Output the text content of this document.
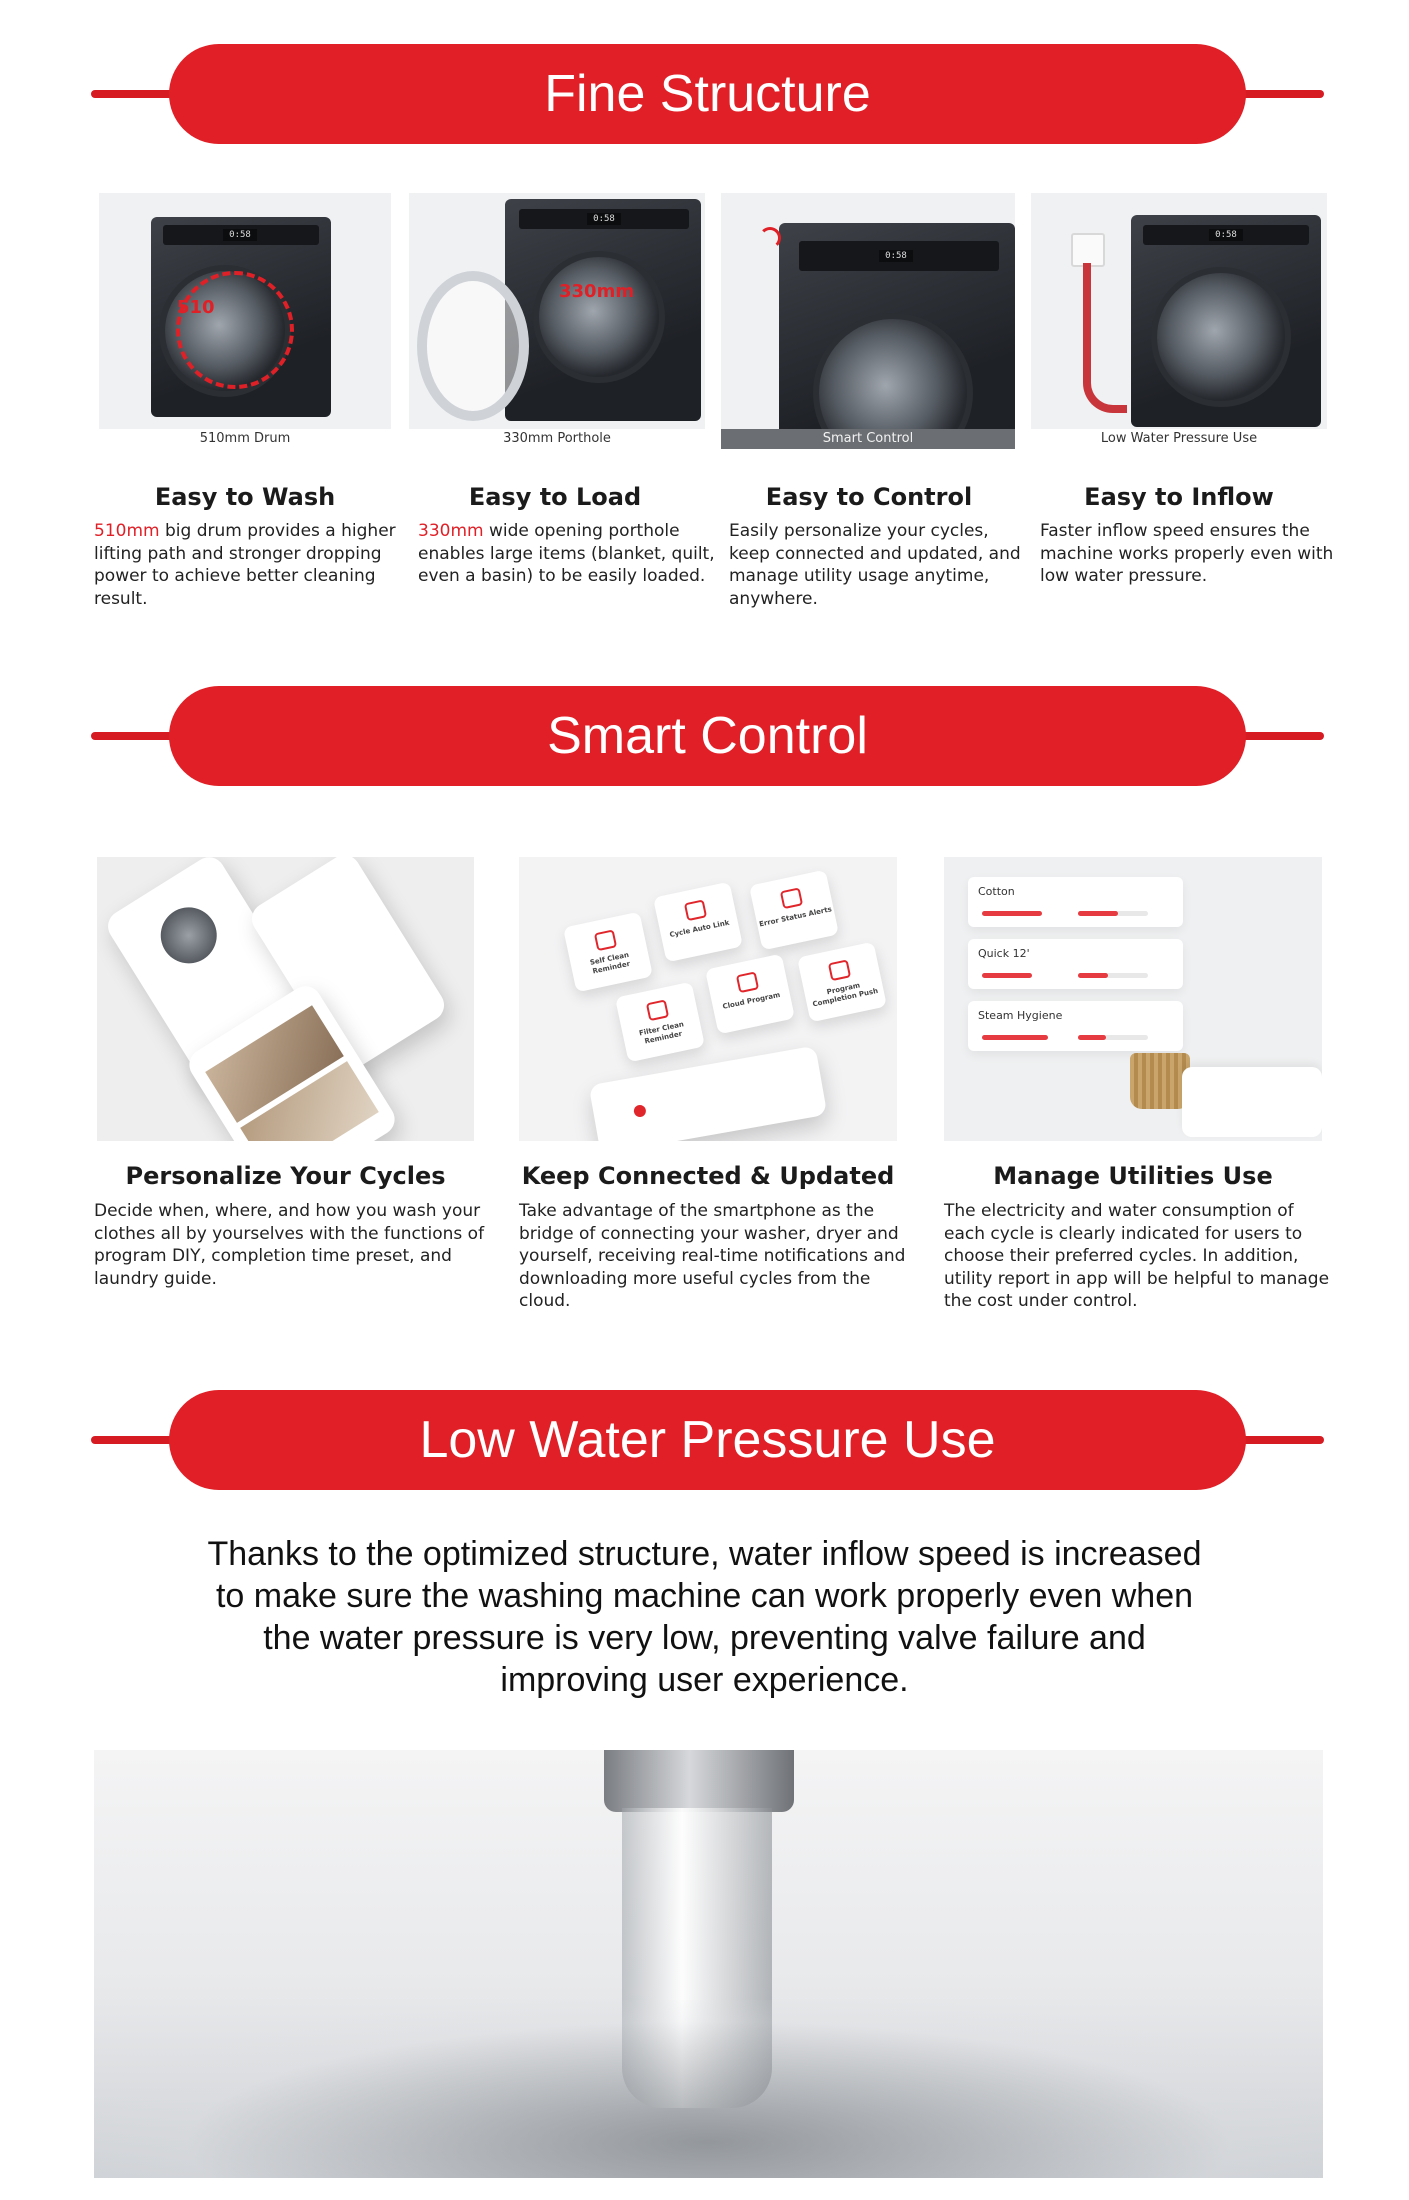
Fine Structure
0:58
510
510mm Drum
0:58
330mm
330mm Porthole
0:58
Smart Control
0:58
Low Water Pressure Use
Easy to Wash
510mm big drum provides a higher lifting path and stronger dropping power to achieve better cleaning result.
Easy to Load
330mm wide opening porthole enables large items (blanket, quilt, even a basin) to be easily loaded.
Easy to Control
Easily personalize your cycles, keep connected and updated, and manage utility usage anytime, anywhere.
Easy to Inflow
Faster inflow speed ensures the machine works properly even with low water pressure.
Smart Control
Self Clean Reminder
Cycle Auto Link
Error Status Alerts
Filter Clean Reminder
Cloud Program
Program Completion Push
Cotton
Quick 12'
Steam Hygiene
Personalize Your Cycles
Decide when, where, and how you wash your clothes all by yourselves with the functions of program DIY, completion time preset, and laundry guide.
Keep Connected & Updated
Take advantage of the smartphone as the bridge of connecting your washer, dryer and yourself, receiving real-time notifications and downloading more useful cycles from the cloud.
Manage Utilities Use
The electricity and water consumption of each cycle is clearly indicated for users to choose their preferred cycles. In addition, utility report in app will be helpful to manage the cost under control.
Low Water Pressure Use
Thanks to the optimized structure, water inflow speed is increased to make sure the washing machine can work properly even when the water pressure is very low, preventing valve failure and improving user experience.
